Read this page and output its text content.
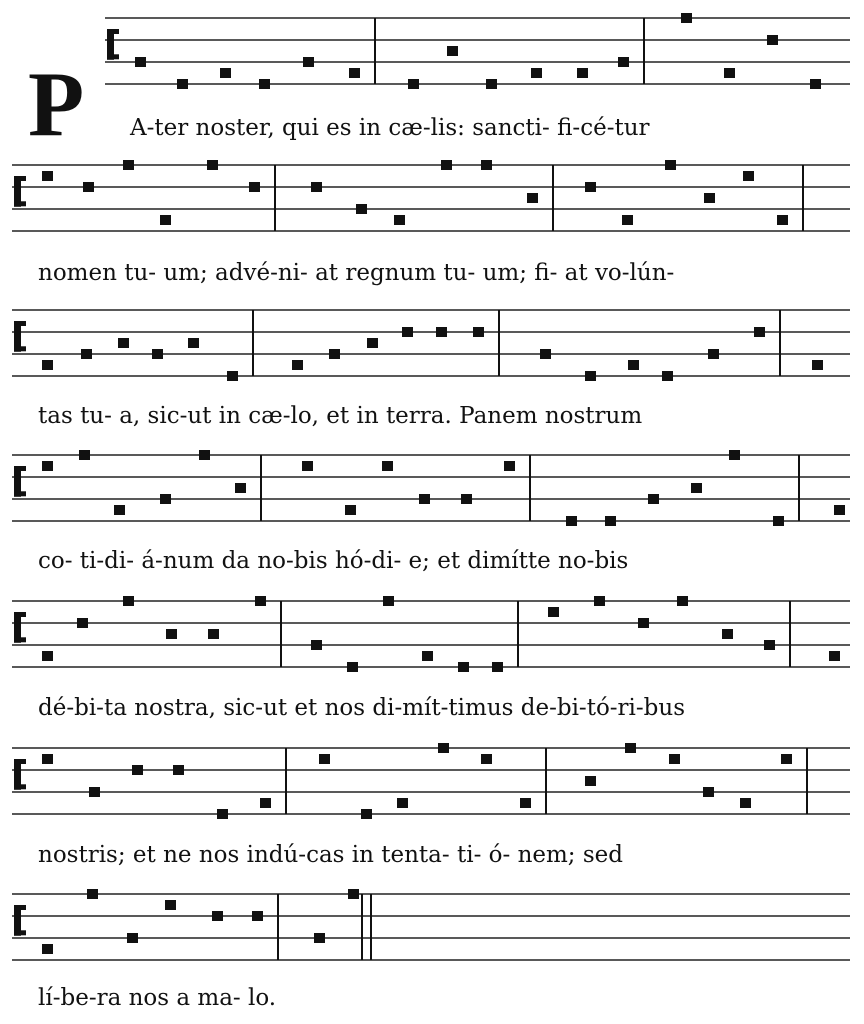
P A-ter noster, qui es in cæ-lis: sancti- fi-cé-tur
nomen tu- um; advé-ni- at regnum tu- um; fi- at vo-lún-
tas tu- a, sic-ut in cæ-lo, et in terra. Panem nostrum
co- ti-di- á-num da no-bis hó-di- e; et dimítte no-bis
dé-bi-ta nostra, sic-ut et nos di-mít-timus de-bi-tó-ri-bus
nostris; et ne nos indú-cas in tenta- ti- ó- nem; sed
lí-be-ra nos a ma- lo.
